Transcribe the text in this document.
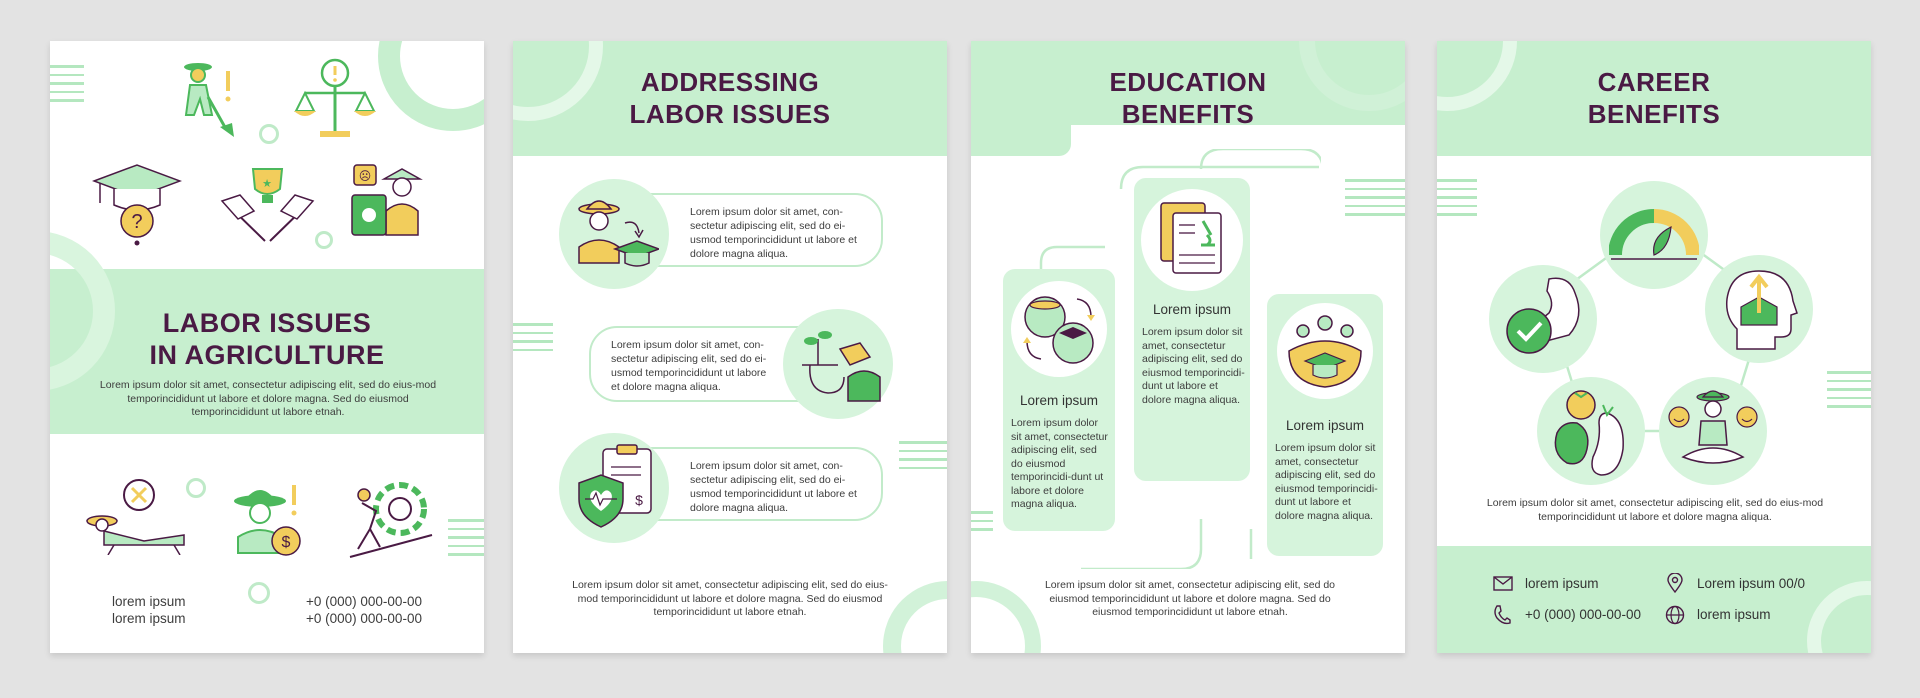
?
★
☹
LABOR ISSUES
IN AGRICULTURE
Lorem ipsum dolor sit amet, consectetur adipiscing elit, sed do eius-mod temporincididunt ut labore et dolore magna. Sed do eiusmod temporincididunt ut labore etnah.
$
lorem ipsum
lorem ipsum
+0 (000) 000-00-00
+0 (000) 000-00-00
ADDRESSING
LABOR ISSUES
Lorem ipsum dolor sit amet, con-sectetur adipiscing elit, sed do ei-usmod temporincididunt ut labore et dolore magna aliqua.
Lorem ipsum dolor sit amet, con-sectetur adipiscing elit, sed do ei-usmod temporincididunt ut labore et dolore magna aliqua.
Lorem ipsum dolor sit amet, con-sectetur adipiscing elit, sed do ei-usmod temporincididunt ut labore et dolore magna aliqua.
$
Lorem ipsum dolor sit amet, consectetur adipiscing elit, sed do eius-mod temporincididunt ut labore et dolore magna. Sed do eiusmod temporincididunt ut labore etnah.
EDUCATION
BENEFITS
Lorem ipsum
Lorem ipsum dolor sit amet, consectetur adipiscing elit, sed do eiusmod temporincidi-dunt ut labore et dolore magna aliqua.
Lorem ipsum
Lorem ipsum dolor sit amet, consectetur adipiscing elit, sed do eiusmod temporincidi-dunt ut labore et dolore magna aliqua.
Lorem ipsum
Lorem ipsum dolor sit amet, consectetur adipiscing elit, sed do eiusmod temporincidi-dunt ut labore et dolore magna aliqua.
Lorem ipsum dolor sit amet, consectetur adipiscing elit, sed do eiusmod temporincididunt ut labore et dolore magna. Sed do eiusmod temporincididunt ut labore etnah.
CAREER
BENEFITS
Lorem ipsum dolor sit amet, consectetur adipiscing elit, sed do eius-mod temporincididunt ut labore et dolore magna aliqua.
lorem ipsum	Lorem ipsum 00/0
+0 (000) 000-00-00	lorem ipsum
